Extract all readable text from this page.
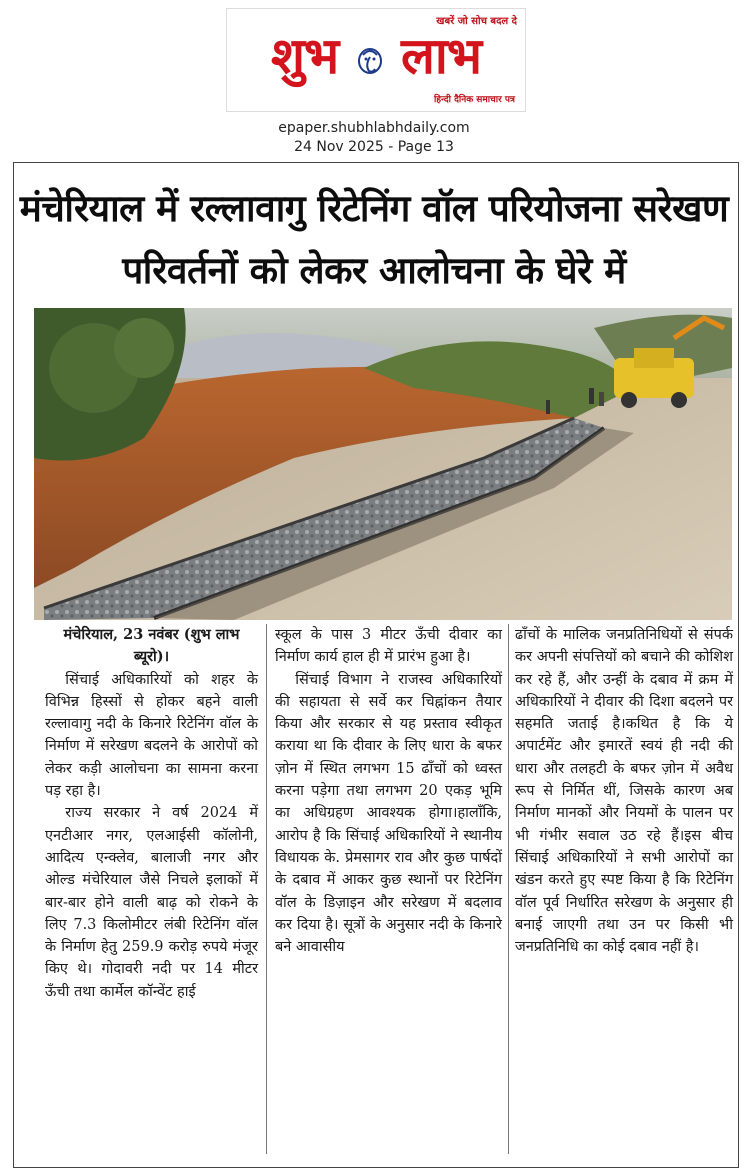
खबरें जो सोच बदल दे
शुभ लाभ
हिन्दी दैनिक समाचार पत्र
epaper.shubhlabhdaily.com
24 Nov 2025 - Page 13
मंचेरियाल में रल्लावागु रिटेनिंग वॉल परियोजना सरेखण
परिवर्तनों को लेकर आलोचना के घेरे में

मंचेरियाल, 23 नवंबर (शुभ लाभ ब्यूरो)।

सिंचाई अधिकारियों को शहर के विभिन्न हिस्सों से होकर बहने वाली रल्लावागु नदी के किनारे रिटेनिंग वॉल के निर्माण में सरेखण बदलने के आरोपों को लेकर कड़ी आलोचना का सामना करना पड़ रहा है।

राज्य सरकार ने वर्ष 2024 में एनटीआर नगर, एलआईसी कॉलोनी, आदित्य एन्क्लेव, बालाजी नगर और ओल्ड मंचेरियाल जैसे निचले इलाकों में बार-बार होने वाली बाढ़ को रोकने के लिए 7.3 किलोमीटर लंबी रिटेनिंग वॉल के निर्माण हेतु 259.9 करोड़ रुपये मंजूर किए थे। गोदावरी नदी पर 14 मीटर ऊँची तथा कार्मेल कॉन्वेंट हाई

स्कूल के पास 3 मीटर ऊँची दीवार का निर्माण कार्य हाल ही में प्रारंभ हुआ है।

सिंचाई विभाग ने राजस्व अधिकारियों की सहायता से सर्वे कर चिह्नांकन तैयार किया और सरकार से यह प्रस्ताव स्वीकृत कराया था कि दीवार के लिए धारा के बफर ज़ोन में स्थित लगभग 15 ढाँचों को ध्वस्त करना पड़ेगा तथा लगभग 20 एकड़ भूमि का अधिग्रहण आवश्यक होगा।हालाँकि, आरोप है कि सिंचाई अधिकारियों ने स्थानीय विधायक के. प्रेमसागर राव और कुछ पार्षदों के दबाव में आकर कुछ स्थानों पर रिटेनिंग वॉल के डिज़ाइन और सरेखण में बदलाव कर दिया है। सूत्रों के अनुसार नदी के किनारे बने आवासीय

ढाँचों के मालिक जनप्रतिनिधियों से संपर्क कर अपनी संपत्तियों को बचाने की कोशिश कर रहे हैं, और उन्हीं के दबाव में क्रम में अधिकारियों ने दीवार की दिशा बदलने पर सहमति जताई है।कथित है कि ये अपार्टमेंट और इमारतें स्वयं ही नदी की धारा और तलहटी के बफर ज़ोन में अवैध रूप से निर्मित थीं, जिसके कारण अब निर्माण मानकों और नियमों के पालन पर भी गंभीर सवाल उठ रहे हैं।इस बीच सिंचाई अधिकारियों ने सभी आरोपों का खंडन करते हुए स्पष्ट किया है कि रिटेनिंग वॉल पूर्व निर्धारित सरेखण के अनुसार ही बनाई जाएगी तथा उन पर किसी भी जनप्रतिनिधि का कोई दबाव नहीं है।
